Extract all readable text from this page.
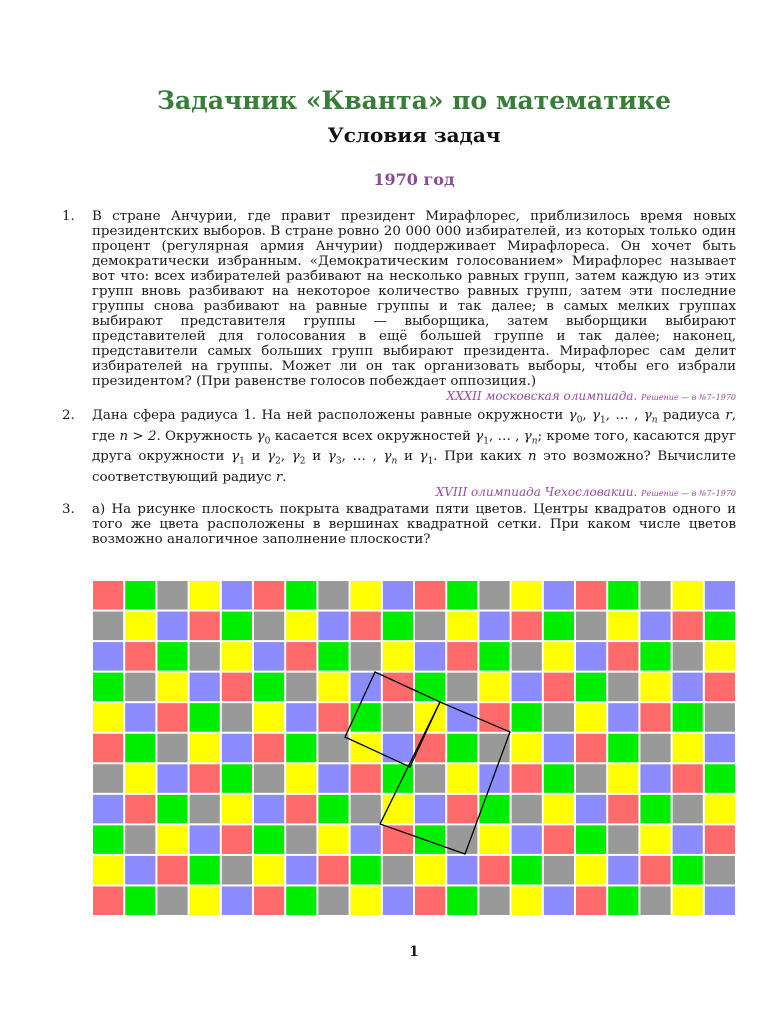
Задачник «Кванта» по математике
Условия задач
1970 год
1. В стране Анчурии, где правит президент Мирафлорес, приблизилось время новых президентских выборов. В стране ровно 20 000 000 избирателей, из которых только один процент (регулярная армия Анчурии) поддерживает Мирафлореса. Он хочет быть демократически избранным. «Демократическим голосованием» Мирафлорес называет вот что: всех избирателей разбивают на несколько равных групп, затем каждую из этих групп вновь разбивают на некоторое количество равных групп, затем эти последние группы снова разбивают на равные группы и так далее; в самых мелких группах выбирают представителя группы — выборщика, затем выборщики выбирают представителей для голосования в ещё большей группе и так далее; наконец, представители самых больших групп выбирают президента. Мирафлорес сам делит избирателей на группы. Может ли он так организовать выборы, чтобы его избрали президентом? (При равенстве голосов побеждает оппозиция.)
XXXII московская олимпиада. Решение — в №7–1970
2. Дана сфера радиуса 1. На ней расположены равные окружности $\gamma_0$, $\gamma_1$, … , $\gamma_n$ радиуса r, где n > 2. Окружность $\gamma_0$ касается всех окружностей $\gamma_1$, … , $\gamma_n$; кроме того, касаются друг друга окружности $\gamma_1$ и $\gamma_2$, $\gamma_2$ и $\gamma_3$, … , $\gamma_n$ и $\gamma_1$. При каких n это возможно? Вычислите соответствующий радиус r.
XVIII олимпиада Чехословакии. Решение — в №7–1970
3. а) На рисунке плоскость покрыта квадратами пяти цветов. Центры квадратов одного и того же цвета расположены в вершинах квадратной сетки. При каком числе цветов возможно аналогичное заполнение плоскости?
1
